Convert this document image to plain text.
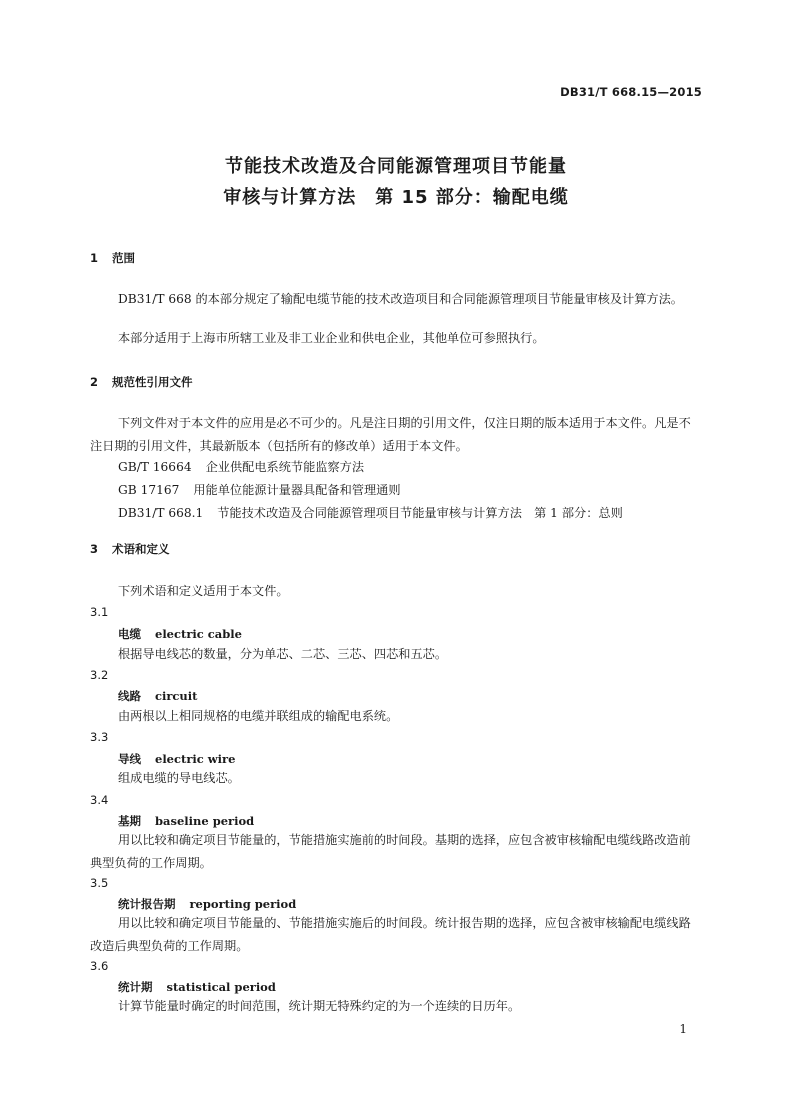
DB31/T 668.15—2015
节能技术改造及合同能源管理项目节能量
审核与计算方法　第 15 部分：输配电缆
1 范围
DB31/T 668 的本部分规定了输配电缆节能的技术改造项目和合同能源管理项目节能量审核及计算方法。
本部分适用于上海市所辖工业及非工业企业和供电企业，其他单位可参照执行。
2 规范性引用文件
下列文件对于本文件的应用是必不可少的。凡是注日期的引用文件，仅注日期的版本适用于本文件。凡是不注日期的引用文件，其最新版本（包括所有的修改单）适用于本文件。
GB/T 16664 企业供配电系统节能监察方法
GB 17167 用能单位能源计量器具配备和管理通则
DB31/T 668.1 节能技术改造及合同能源管理项目节能量审核与计算方法　第 1 部分：总则
3 术语和定义
下列术语和定义适用于本文件。
3.1
电缆 electric cable
根据导电线芯的数量，分为单芯、二芯、三芯、四芯和五芯。
3.2
线路 circuit
由两根以上相同规格的电缆并联组成的输配电系统。
3.3
导线 electric wire
组成电缆的导电线芯。
3.4
基期 baseline period
用以比较和确定项目节能量的，节能措施实施前的时间段。基期的选择，应包含被审核输配电缆线路改造前典型负荷的工作周期。
3.5
统计报告期 reporting period
用以比较和确定项目节能量的、节能措施实施后的时间段。统计报告期的选择，应包含被审核输配电缆线路改造后典型负荷的工作周期。
3.6
统计期 statistical period
计算节能量时确定的时间范围，统计期无特殊约定的为一个连续的日历年。
1
